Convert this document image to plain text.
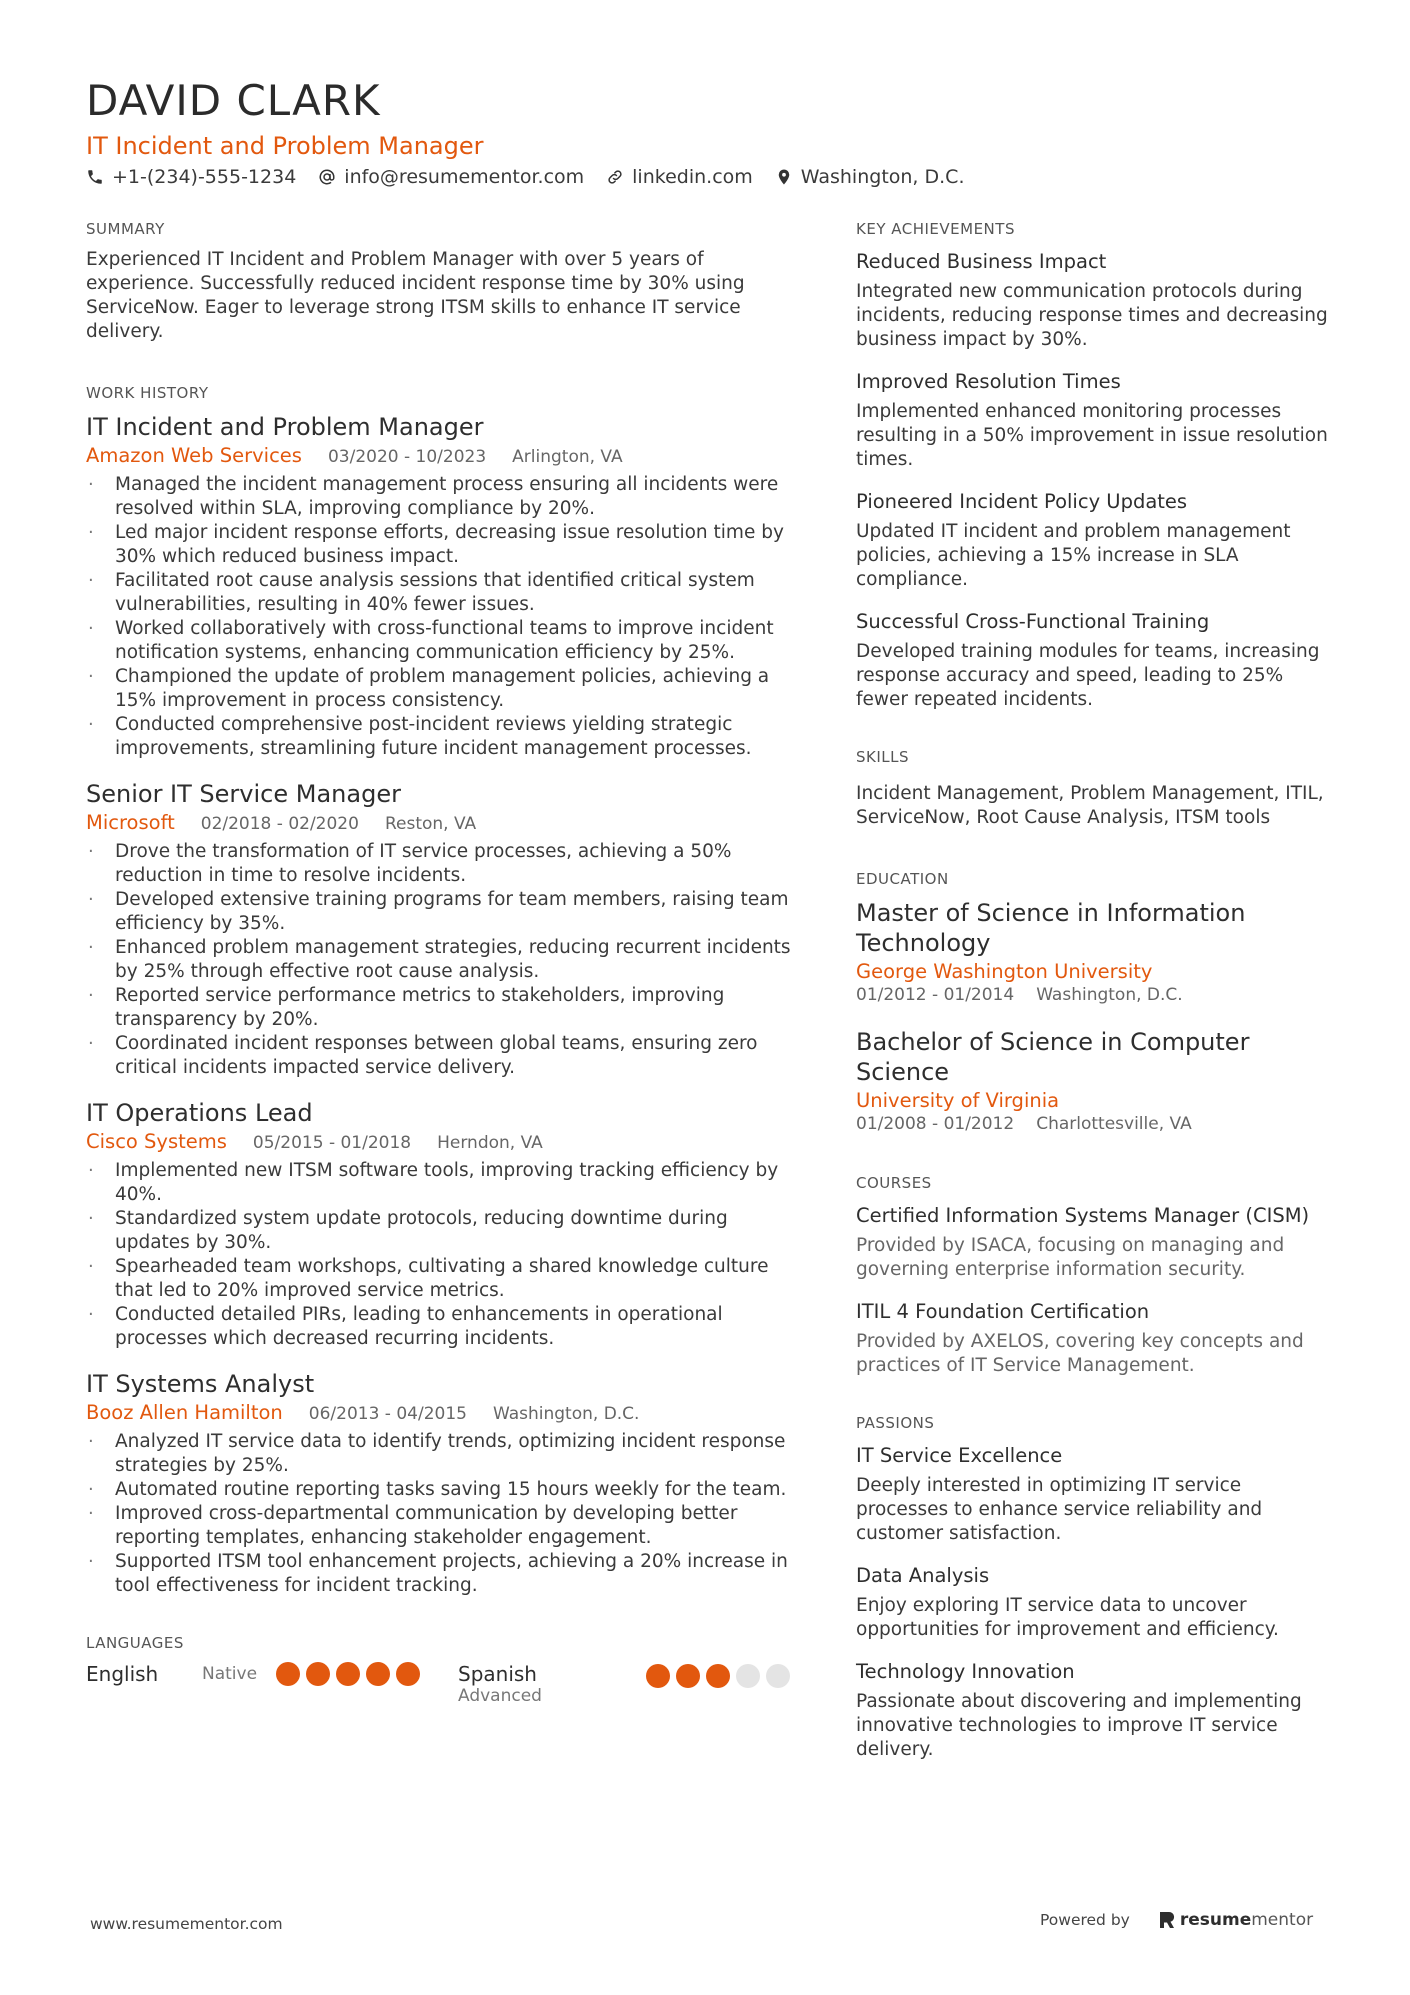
DAVID CLARK
IT Incident and Problem Manager
+1-(234)-555-1234	info@resumementor.com	linkedin.com	Washington, D.C.
SUMMARY

Experienced IT Incident and Problem Manager with over 5 years of experience. Successfully reduced incident response time by 30% using ServiceNow. Eager to leverage strong ITSM skills to enhance IT service delivery.

WORK HISTORY
IT Incident and Problem Manager
Amazon Web Services 03/2020 - 10/2023 Arlington, VA
· Managed the incident management process ensuring all incidents were resolved within SLA, improving compliance by 20%.
· Led major incident response efforts, decreasing issue resolution time by 30% which reduced business impact.
· Facilitated root cause analysis sessions that identified critical system vulnerabilities, resulting in 40% fewer issues.
· Worked collaboratively with cross-functional teams to improve incident notification systems, enhancing communication efficiency by 25%.
· Championed the update of problem management policies, achieving a 15% improvement in process consistency.
· Conducted comprehensive post-incident reviews yielding strategic improvements, streamlining future incident management processes.
Senior IT Service Manager
Microsoft 02/2018 - 02/2020 Reston, VA
· Drove the transformation of IT service processes, achieving a 50% reduction in time to resolve incidents.
· Developed extensive training programs for team members, raising team efficiency by 35%.
· Enhanced problem management strategies, reducing recurrent incidents by 25% through effective root cause analysis.
· Reported service performance metrics to stakeholders, improving transparency by 20%.
· Coordinated incident responses between global teams, ensuring zero critical incidents impacted service delivery.
IT Operations Lead
Cisco Systems 05/2015 - 01/2018 Herndon, VA
· Implemented new ITSM software tools, improving tracking efficiency by 40%.
· Standardized system update protocols, reducing downtime during updates by 30%.
· Spearheaded team workshops, cultivating a shared knowledge culture that led to 20% improved service metrics.
· Conducted detailed PIRs, leading to enhancements in operational processes which decreased recurring incidents.
IT Systems Analyst
Booz Allen Hamilton 06/2013 - 04/2015 Washington, D.C.
· Analyzed IT service data to identify trends, optimizing incident response strategies by 25%.
· Automated routine reporting tasks saving 15 hours weekly for the team.
· Improved cross-departmental communication by developing better reporting templates, enhancing stakeholder engagement.
· Supported ITSM tool enhancement projects, achieving a 20% increase in tool effectiveness for incident tracking.
LANGUAGES
English	Native	Spanish
Advanced
KEY ACHIEVEMENTS
Reduced Business Impact

Integrated new communication protocols during incidents, reducing response times and decreasing business impact by 30%.

Improved Resolution Times

Implemented enhanced monitoring processes resulting in a 50% improvement in issue resolution times.

Pioneered Incident Policy Updates

Updated IT incident and problem management policies, achieving a 15% increase in SLA compliance.

Successful Cross-Functional Training

Developed training modules for teams, increasing response accuracy and speed, leading to 25% fewer repeated incidents.

SKILLS

Incident Management, Problem Management, ITIL, ServiceNow, Root Cause Analysis, ITSM tools

EDUCATION
Master of Science in Information Technology
George Washington University
01/2012 - 01/2014 Washington, D.C.
Bachelor of Science in Computer Science
University of Virginia
01/2008 - 01/2012 Charlottesville, VA
COURSES
Certified Information Systems Manager (CISM)

Provided by ISACA, focusing on managing and governing enterprise information security.

ITIL 4 Foundation Certification

Provided by AXELOS, covering key concepts and practices of IT Service Management.

PASSIONS
IT Service Excellence

Deeply interested in optimizing IT service processes to enhance service reliability and customer satisfaction.

Data Analysis

Enjoy exploring IT service data to uncover opportunities for improvement and efficiency.

Technology Innovation

Passionate about discovering and implementing innovative technologies to improve IT service delivery.

www.resumementor.com	Powered by	resume mentor
